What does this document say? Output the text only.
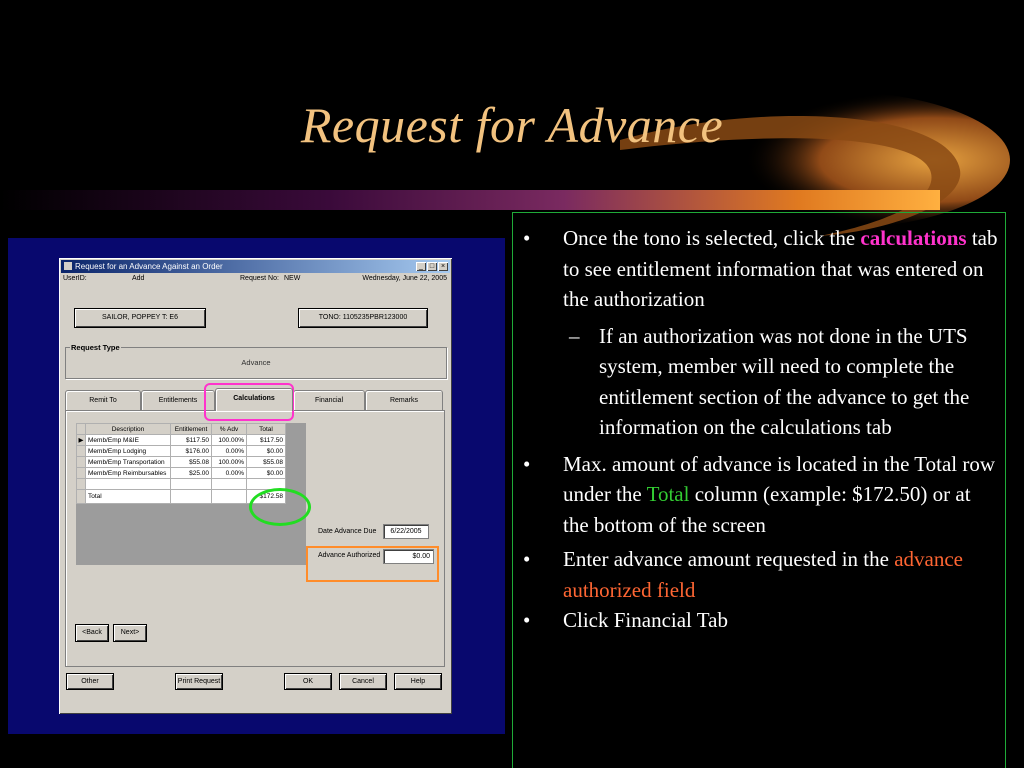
Request for Advance
Request for an Advance Against an Order	_ □ ×
UserID:	Add	Request No: NEW	Wednesday, June 22, 2005
SAILOR, POPPEY T: E6	TONO: 1105235PBR123000
Request Type
Advance
Remit To	Entitlements	Calculations	Financial	Remarks
	Description	Entitlement	% Adv	Total
▶	Memb/Emp M&IE	$117.50	100.00%	$117.50
	Memb/Emp Lodging	$176.00	0.00%	$0.00
	Memb/Emp Transportation	$55.08	100.00%	$55.08
	Memb/Emp Reimbursables	$25.00	0.00%	$0.00

	Total			$172.58
Date Advance Due	6/22/2005
Advance Authorized	$0.00
<Back	Next>
Other	Print Request	OK	Cancel	Help
•	Once the tono is selected, click the calculations tab to see entitlement information that was entered on the authorization
– If an authorization was not done in the UTS system, member will need to complete the entitlement section of the advance to get the information on the calculations tab
•	Max. amount of advance is located in the Total row under the Total column (example: $172.50) or at the bottom of the screen
•	Enter advance amount requested in the advance authorized field
•	Click Financial Tab
